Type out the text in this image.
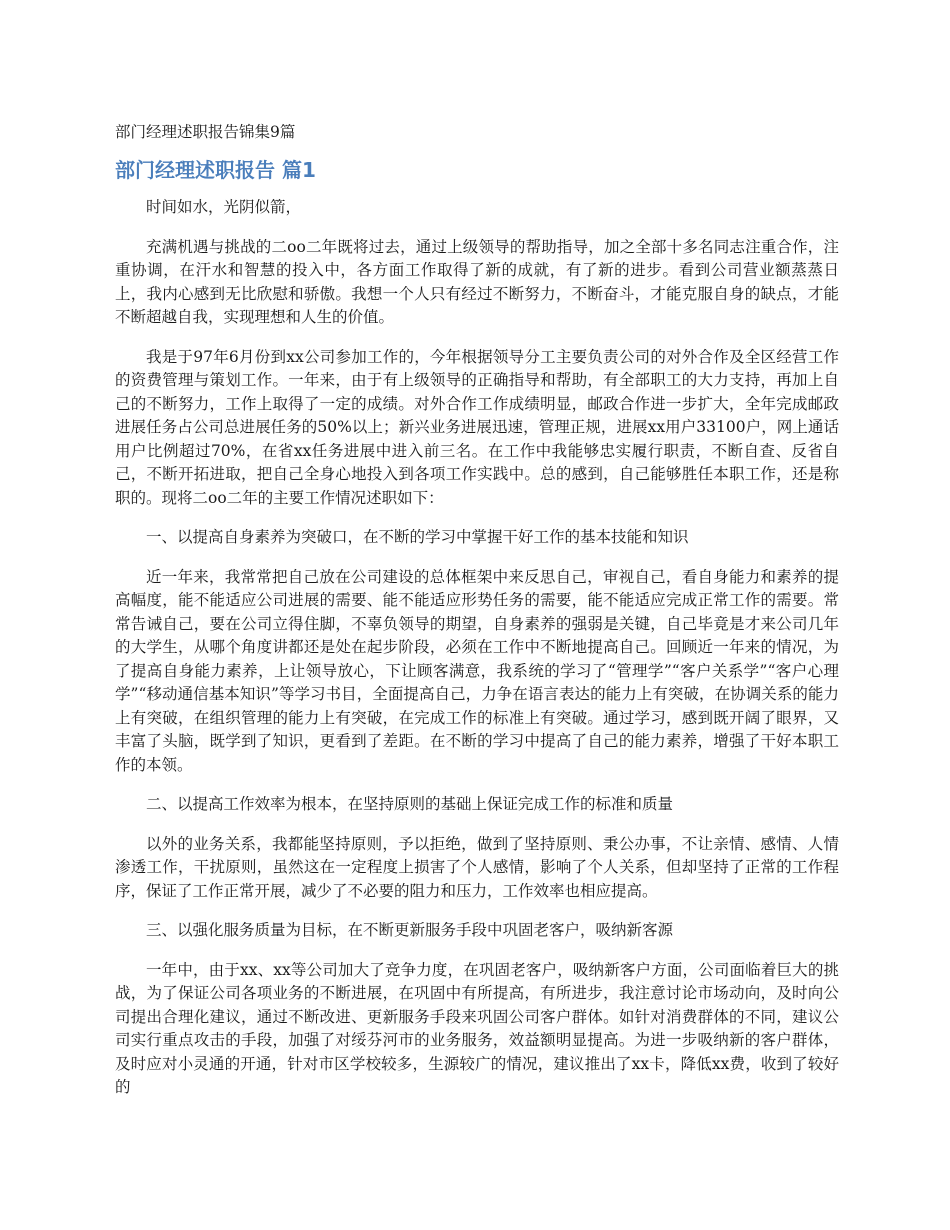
部门经理述职报告锦集9篇

部门经理述职报告 篇1

时间如水，光阴似箭，

充满机遇与挑战的二oo二年既将过去，通过上级领导的帮助指导，加之全部十多名同志注重合作，注重协调，在汗水和智慧的投入中，各方面工作取得了新的成就，有了新的进步。看到公司营业额蒸蒸日上，我内心感到无比欣慰和骄傲。我想一个人只有经过不断努力，不断奋斗，才能克服自身的缺点，才能不断超越自我，实现理想和人生的价值。

我是于97年6月份到xx公司参加工作的，今年根据领导分工主要负责公司的对外合作及全区经营工作的资费管理与策划工作。一年来，由于有上级领导的正确指导和帮助，有全部职工的大力支持，再加上自己的不断努力，工作上取得了一定的成绩。对外合作工作成绩明显，邮政合作进一步扩大，全年完成邮政进展任务占公司总进展任务的50%以上；新兴业务进展迅速，管理正规，进展xx用户33100户，网上通话用户比例超过70%，在省xx任务进展中进入前三名。在工作中我能够忠实履行职责，不断自查、反省自己，不断开拓进取，把自己全身心地投入到各项工作实践中。总的感到，自己能够胜任本职工作，还是称职的。现将二oo二年的主要工作情况述职如下：

一、以提高自身素养为突破口，在不断的学习中掌握干好工作的基本技能和知识

近一年来，我常常把自己放在公司建设的总体框架中来反思自己，审视自己，看自身能力和素养的提高幅度，能不能适应公司进展的需要、能不能适应形势任务的需要，能不能适应完成正常工作的需要。常常告诫自己，要在公司立得住脚，不辜负领导的期望，自身素养的强弱是关键，自己毕竟是才来公司几年的大学生，从哪个角度讲都还是处在起步阶段，必须在工作中不断地提高自己。回顾近一年来的情况，为了提高自身能力素养，上让领导放心，下让顾客满意，我系统的学习了“管理学”“客户关系学”“客户心理学”“移动通信基本知识”等学习书目，全面提高自己，力争在语言表达的能力上有突破，在协调关系的能力上有突破，在组织管理的能力上有突破，在完成工作的标准上有突破。通过学习，感到既开阔了眼界，又丰富了头脑，既学到了知识，更看到了差距。在不断的学习中提高了自己的能力素养，增强了干好本职工作的本领。

二、以提高工作效率为根本，在坚持原则的基础上保证完成工作的标准和质量

以外的业务关系，我都能坚持原则，予以拒绝，做到了坚持原则、秉公办事，不让亲情、感情、人情渗透工作，干扰原则，虽然这在一定程度上损害了个人感情，影响了个人关系，但却坚持了正常的工作程序，保证了工作正常开展，减少了不必要的阻力和压力，工作效率也相应提高。

三、以强化服务质量为目标，在不断更新服务手段中巩固老客户，吸纳新客源

一年中，由于xx、xx等公司加大了竞争力度，在巩固老客户，吸纳新客户方面，公司面临着巨大的挑战，为了保证公司各项业务的不断进展，在巩固中有所提高，有所进步，我注意讨论市场动向，及时向公司提出合理化建议，通过不断改进、更新服务手段来巩固公司客户群体。如针对消费群体的不同，建议公司实行重点攻击的手段，加强了对绥芬河市的业务服务，效益额明显提高。为进一步吸纳新的客户群体，及时应对小灵通的开通，针对市区学校较多，生源较广的情况，建议推出了xx卡，降低xx费，收到了较好的
